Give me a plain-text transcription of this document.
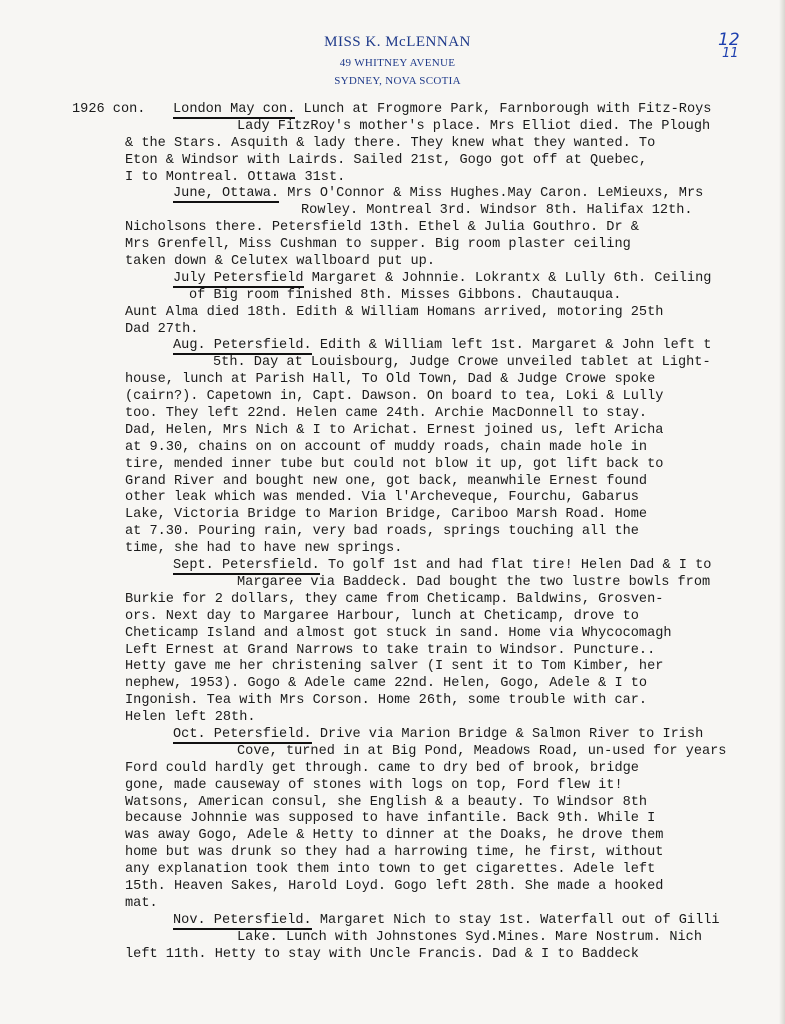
MISS K. McLENNAN
49 WHITNEY AVENUE
SYDNEY, NOVA SCOTIA
12
11
1926 con. London May con. Lunch at Frogmore Park, Farnborough with Fitz-Roys
Lady FitzRoy's mother's place. Mrs Elliot died. The Plough
& the Stars. Asquith & lady there. They knew what they wanted. To
Eton & Windsor with Lairds. Sailed 21st, Gogo got off at Quebec,
I to Montreal. Ottawa 31st.
June, Ottawa. Mrs O'Connor & Miss Hughes.May Caron. LeMieuxs, Mrs
Rowley. Montreal 3rd. Windsor 8th. Halifax 12th.
Nicholsons there. Petersfield 13th. Ethel & Julia Gouthro. Dr &
Mrs Grenfell, Miss Cushman to supper. Big room plaster ceiling
taken down & Celutex wallboard put up.
July Petersfield Margaret & Johnnie. Lokrantx & Lully 6th. Ceiling
of Big room finished 8th. Misses Gibbons. Chautauqua.
Aunt Alma died 18th. Edith & William Homans arrived, motoring 25th
Dad 27th.
Aug. Petersfield. Edith & William left 1st. Margaret & John left t
5th. Day at Louisbourg, Judge Crowe unveiled tablet at Light-
house, lunch at Parish Hall, To Old Town, Dad & Judge Crowe spoke
(cairn?). Capetown in, Capt. Dawson. On board to tea, Loki & Lully
too. They left 22nd. Helen came 24th. Archie MacDonnell to stay.
Dad, Helen, Mrs Nich & I to Arichat. Ernest joined us, left Aricha
at 9.30, chains on on account of muddy roads, chain made hole in
tire, mended inner tube but could not blow it up, got lift back to
Grand River and bought new one, got back, meanwhile Ernest found
other leak which was mended. Via l'Archeveque, Fourchu, Gabarus
Lake, Victoria Bridge to Marion Bridge, Cariboo Marsh Road. Home
at 7.30. Pouring rain, very bad roads, springs touching all the
time, she had to have new springs.
Sept. Petersfield. To golf 1st and had flat tire! Helen Dad & I to
Margaree via Baddeck. Dad bought the two lustre bowls from
Burkie for 2 dollars, they came from Cheticamp. Baldwins, Grosven-
ors. Next day to Margaree Harbour, lunch at Cheticamp, drove to
Cheticamp Island and almost got stuck in sand. Home via Whycocomagh
Left Ernest at Grand Narrows to take train to Windsor. Puncture..
Hetty gave me her christening salver (I sent it to Tom Kimber, her
nephew, 1953). Gogo & Adele came 22nd. Helen, Gogo, Adele & I to
Ingonish. Tea with Mrs Corson. Home 26th, some trouble with car.
Helen left 28th.
Oct. Petersfield. Drive via Marion Bridge & Salmon River to Irish
Cove, turned in at Big Pond, Meadows Road, un-used for years
Ford could hardly get through. came to dry bed of brook, bridge
gone, made causeway of stones with logs on top, Ford flew it!
Watsons, American consul, she English & a beauty. To Windsor 8th
because Johnnie was supposed to have infantile. Back 9th. While I
was away Gogo, Adele & Hetty to dinner at the Doaks, he drove them
home but was drunk so they had a harrowing time, he first, without
any explanation took them into town to get cigarettes. Adele left
15th. Heaven Sakes, Harold Loyd. Gogo left 28th. She made a hooked
mat.
Nov. Petersfield. Margaret Nich to stay 1st. Waterfall out of Gilli
Lake. Lunch with Johnstones Syd.Mines. Mare Nostrum. Nich
left 11th. Hetty to stay with Uncle Francis. Dad & I to Baddeck
